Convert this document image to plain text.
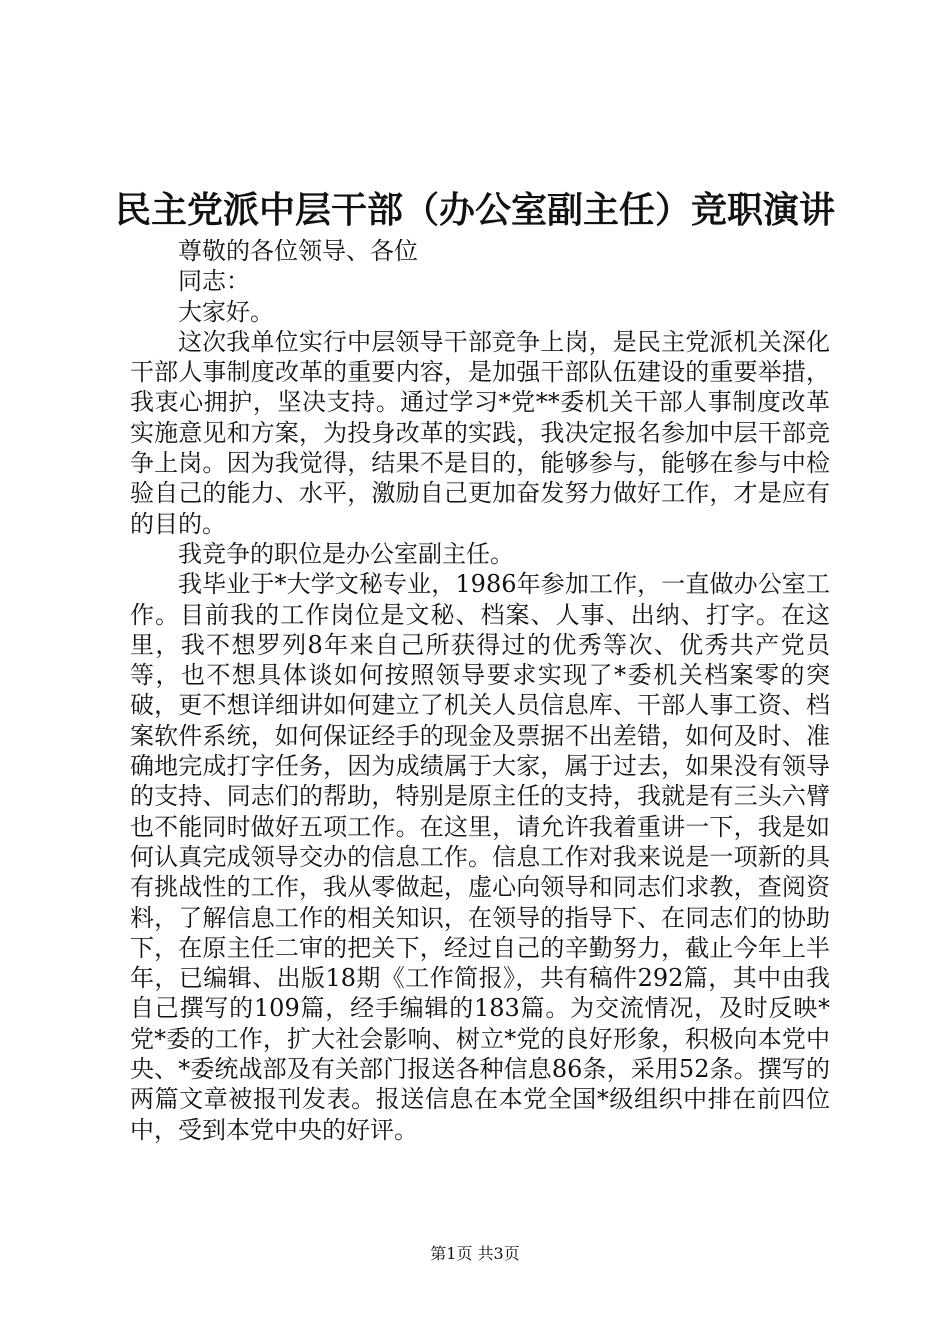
民主党派中层干部（办公室副主任）竞职演讲

尊敬的各位领导、各位

同志：

大家好。

这次我单位实行中层领导干部竞争上岗，是民主党派机关深化干部人事制度改革的重要内容，是加强干部队伍建设的重要举措，我衷心拥护，坚决支持。通过学习*党**委机关干部人事制度改革实施意见和方案，为投身改革的实践，我决定报名参加中层干部竞争上岗。因为我觉得，结果不是目的，能够参与，能够在参与中检验自己的能力、水平，激励自己更加奋发努力做好工作，才是应有的目的。

我竞争的职位是办公室副主任。

我毕业于*大学文秘专业，1986年参加工作，一直做办公室工作。目前我的工作岗位是文秘、档案、人事、出纳、打字。在这里，我不想罗列8年来自己所获得过的优秀等次、优秀共产党员等，也不想具体谈如何按照领导要求实现了*委机关档案零的突破，更不想详细讲如何建立了机关人员信息库、干部人事工资、档案软件系统，如何保证经手的现金及票据不出差错，如何及时、准确地完成打字任务，因为成绩属于大家，属于过去，如果没有领导的支持、同志们的帮助，特别是原主任的支持，我就是有三头六臂也不能同时做好五项工作。在这里，请允许我着重讲一下，我是如何认真完成领导交办的信息工作。信息工作对我来说是一项新的具有挑战性的工作，我从零做起，虚心向领导和同志们求教，查阅资料，了解信息工作的相关知识，在领导的指导下、在同志们的协助下，在原主任二审的把关下，经过自己的辛勤努力，截止今年上半年，已编辑、出版18期《工作简报》，共有稿件292篇，其中由我自己撰写的109篇，经手编辑的183篇。为交流情况，及时反映*党*委的工作，扩大社会影响、树立*党的良好形象，积极向本党中央、*委统战部及有关部门报送各种信息86条，采用52条。撰写的两篇文章被报刊发表。报送信息在本党全国*级组织中排在前四位中，受到本党中央的好评。

第1页 共3页
